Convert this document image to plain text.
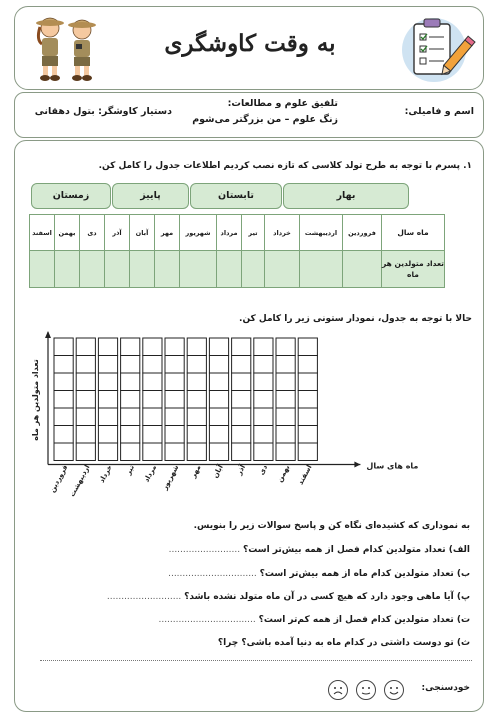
به وقت کاوشگری
اسم و فامیلی:
تلفیق علوم و مطالعات:
زنگ علوم – من بزرگتر می‌شوم
دستیار کاوشگر: بتول دهقانی
۱. پسرم با توجه به طرح تولد کلاسی که تازه نصب کردیم اطلاعات جدول را کامل کن.
بهار
تابستان
پاییز
زمستان
اسفند	بهمن	دی	آذر	آبان	مهر	شهریور	مرداد	تیر	خرداد	اردیبهشت	فروردین	ماه سال
												تعداد متولدین هر ماه
حالا با توجه به جدول، نمودار ستونی زیر را کامل کن.
فروردین
اردیبهشت خرداد تیر مرداد شهریور مهر آبان آذر دی بهمن اسفند
تعداد متولدین هر ماه
ماه های سال
به نموداری که کشیده‌ای نگاه کن و پاسخ سوالات زیر را بنویس.
الف) تعداد متولدین کدام فصل از همه بیش‌تر است؟ .........................
ب) تعداد متولدین کدام ماه از همه بیش‌تر است؟ ...............................
پ) آیا ماهی وجود دارد که هیچ کسی در آن ماه متولد نشده باشد؟ ..........................
ت) تعداد متولدین کدام فصل از همه کم‌تر است؟ ..................................
ث) تو دوست داشتی در کدام ماه به دنیا آمده باشی؟ چرا؟
خودسنجی:
